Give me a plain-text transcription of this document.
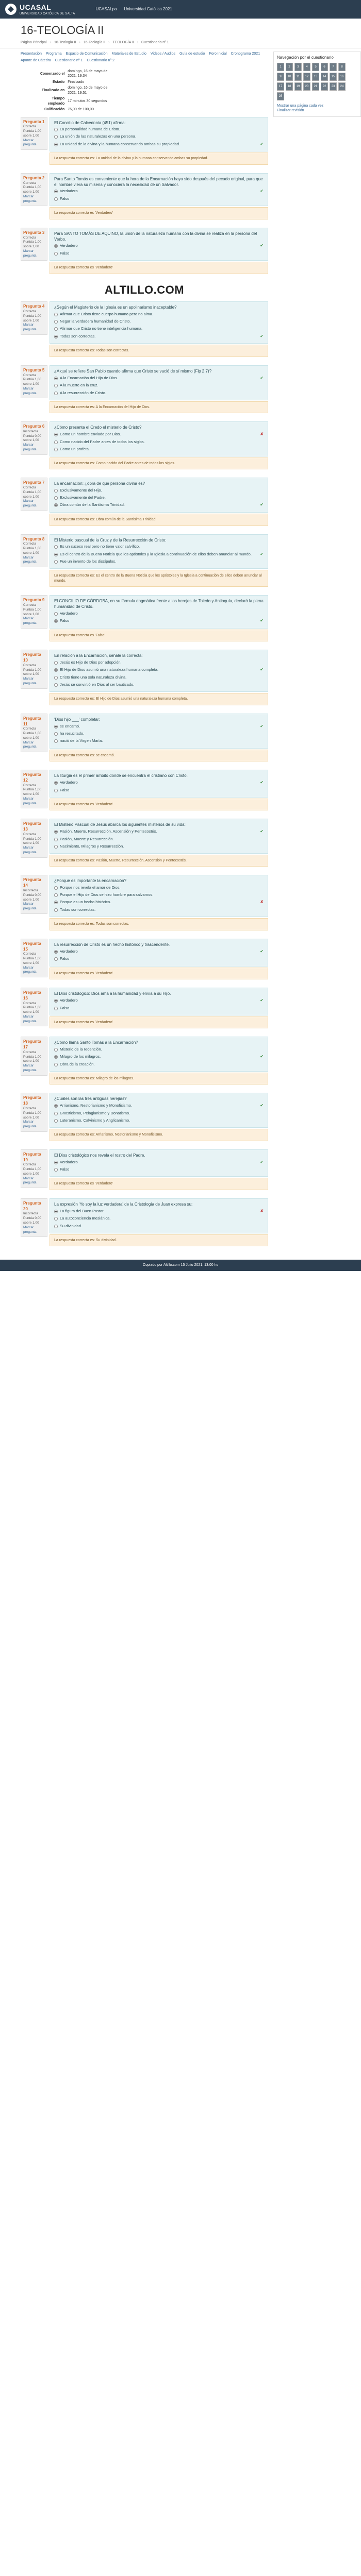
UCASAL
UNIVERSIDAD CATÓLICA DE SALTA
UCASALpa Universidad Católica 2021
16-TEOLOGÍA II
Página Principal › 16-Teología II › 16-Teología II › TEOLOGÍA II › Cuestionario nº 1
Presentación Programa Espacio de Comunicación Materiales de Estudio Videos / Audios Guía de estudio Foro Inicial Cronograma 2021
Apunte de Cátedra Cuestionario nº 1 Cuestionario nº 2
Comenzado el	domingo, 16 de mayo de 2021, 19:34
Estado	Finalizado
Finalizado en	domingo, 16 de mayo de 2021, 19:51
Tiempo empleado	17 minutos 30 segundos
Calificación	76,00 de 100,00
Pregunta 1
Correcta
Puntúa 1,00 sobre 1,00
Marcar pregunta
El Concilio de Calcedonia (451) afirma:
La personalidad humana de Cristo.
La unión de las naturalezas en una persona.
La unidad de la divina y la humana conservando ambas su propiedad.	✔
La respuesta correcta es: La unidad de la divina y la humana conservando ambas su propiedad.
Pregunta 2
Correcta
Puntúa 1,00 sobre 1,00
Marcar pregunta
Para Santo Tomás es conveniente que la hora de la Encarnación haya sido después del pecado original, para que el hombre viera su miseria y conociera la necesidad de un Salvador.
Verdadero	✔
Falso
La respuesta correcta es 'Verdadero'
Pregunta 3
Correcta
Puntúa 1,00 sobre 1,00
Marcar pregunta
Para SANTO TOMÁS DE AQUINO, la unión de la naturaleza humana con la divina se realiza en la persona del Verbo.
Verdadero	✔
Falso
La respuesta correcta es 'Verdadero'
ALTILLO.COM
Pregunta 4
Correcta
Puntúa 1,00 sobre 1,00
Marcar pregunta
¿Según el Magisterio de la Iglesia es un apolinarismo inaceptable?
Afirmar que Cristo tiene cuerpo humano pero no alma.
Negar la verdadera humanidad de Cristo.
Afirmar que Cristo no tiene inteligencia humana.
Todas son correctas.	✔
La respuesta correcta es: Todas son correctas.
Pregunta 5
Correcta
Puntúa 1,00 sobre 1,00
Marcar pregunta
¿A qué se refiere San Pablo cuando afirma que Cristo se vació de sí mismo (Flp 2,7)?
A la Encarnación del Hijo de Dios.	✔
A la muerte en la cruz.
A la resurrección de Cristo.
La respuesta correcta es: A la Encarnación del Hijo de Dios.
Pregunta 6
Incorrecta
Puntúa 0,00 sobre 1,00
Marcar pregunta
¿Cómo presenta el Credo el misterio de Cristo?
Como un hombre enviado por Dios.	✘
Como nacido del Padre antes de todos los siglos.
Como un profeta.
La respuesta correcta es: Como nacido del Padre antes de todos los siglos.
Pregunta 7
Correcta
Puntúa 1,00 sobre 1,00
Marcar pregunta
La encarnación: ¿obra de qué persona divina es?
Exclusivamente del Hijo.
Exclusivamente del Padre.
Obra común de la Santísima Trinidad.	✔
La respuesta correcta es: Obra común de la Santísima Trinidad.
Pregunta 8
Correcta
Puntúa 1,00 sobre 1,00
Marcar pregunta
El Misterio pascual de la Cruz y de la Resurrección de Cristo:
Es un suceso real pero no tiene valor salvífico.
Es el centro de la Buena Noticia que los apóstoles y la Iglesia a continuación de ellos deben anunciar al mundo. ✔
Fue un invento de los discípulos.
La respuesta correcta es: Es el centro de la Buena Noticia que los apóstoles y la Iglesia a continuación de ellos deben anunciar al mundo.
Pregunta 9
Correcta
Puntúa 1,00 sobre 1,00
Marcar pregunta
El CONCILIO DE CÓRDOBA, en su fórmula dogmática frente a los herejes de Toledo y Antioquía, declaró la plena humanidad de Cristo.
Verdadero
Falso	✔
La respuesta correcta es 'Falso'
Pregunta 10
Correcta
Puntúa 1,00 sobre 1,00
Marcar pregunta
En relación a la Encarnación, señale la correcta:
Jesús es Hijo de Dios por adopción.
El Hijo de Dios asumió una naturaleza humana completa.	✔
Cristo tiene una sola naturaleza divina.
Jesús se convirtió en Dios al ser bautizado.
La respuesta correcta es: El Hijo de Dios asumió una naturaleza humana completa.
Pregunta 11
Correcta
Puntúa 1,00 sobre 1,00
Marcar pregunta
'Dios hijo ___' completar:
se encarnó.	✔
ha resucitado.
nació de la Virgen María.
La respuesta correcta es: se encarnó.
Pregunta 12
Correcta
Puntúa 1,00 sobre 1,00
Marcar pregunta
La liturgia es el primer ámbito donde se encuentra el cristiano con Cristo.
Verdadero	✔
Falso
La respuesta correcta es 'Verdadero'
Pregunta 13
Correcta
Puntúa 1,00 sobre 1,00
Marcar pregunta
El Misterio Pascual de Jesús abarca los siguientes misterios de su vida:
Pasión, Muerte, Resurrección, Ascensión y Pentecostés.	✔
Pasión, Muerte y Resurrección.
Nacimiento, Milagros y Resurrección.
La respuesta correcta es: Pasión, Muerte, Resurrección, Ascensión y Pentecostés.
Pregunta 14
Incorrecta
Puntúa 0,00 sobre 1,00
Marcar pregunta
¿Porqué es importante la encarnación?
Porque nos revela el amor de Dios.
Porque el Hijo de Dios se hizo hombre para salvarnos.
Porque es un hecho histórico.	✘
Todas son correctas.
La respuesta correcta es: Todas son correctas.
Pregunta 15
Correcta
Puntúa 1,00 sobre 1,00
Marcar pregunta
La resurrección de Cristo es un hecho histórico y trascendente.
Verdadero	✔
Falso
La respuesta correcta es 'Verdadero'
Pregunta 16
Correcta
Puntúa 1,00 sobre 1,00
Marcar pregunta
El Dios cristológico: Dios ama a la humanidad y envía a su Hijo.
Verdadero	✔
Falso
La respuesta correcta es 'Verdadero'
Pregunta 17
Correcta
Puntúa 1,00 sobre 1,00
Marcar pregunta
¿Cómo llama Santo Tomás a la Encarnación?
Misterio de la redención.
Milagro de los milagros.	✔
Obra de la creación.
La respuesta correcta es: Milagro de los milagros.
Pregunta 18
Correcta
Puntúa 1,00 sobre 1,00
Marcar pregunta
¿Cuáles son las tres antiguas herejías?
Arrianismo, Nestorianismo y Monofisismo.	✔
Gnosticismo, Pelagianismo y Donatismo.
Luteranismo, Calvinismo y Anglicanismo.
La respuesta correcta es: Arrianismo, Nestorianismo y Monofisismo.
Pregunta 19
Correcta
Puntúa 1,00 sobre 1,00
Marcar pregunta
El Dios cristológico nos revela el rostro del Padre.
Verdadero	✔
Falso
La respuesta correcta es 'Verdadero'
Pregunta 20
Incorrecta
Puntúa 0,00 sobre 1,00
Marcar pregunta
La expresión 'Yo soy la luz verdadera' de la Cristología de Juan expresa su:
La figura del Buen Pastor.	✘
La autoconciencia mesiánica.
Su divinidad.
La respuesta correcta es: Su divinidad.
Navegación por el cuestionario
1	2	3	4	5	6	7	8
9	10	11	12	13	14	15	16
17	18	19	20	21	22	23	24
25
Mostrar una página cada vez
Finalizar revisión
Copiado por Altillo.com 15 Julio 2021, 13:00 hs
